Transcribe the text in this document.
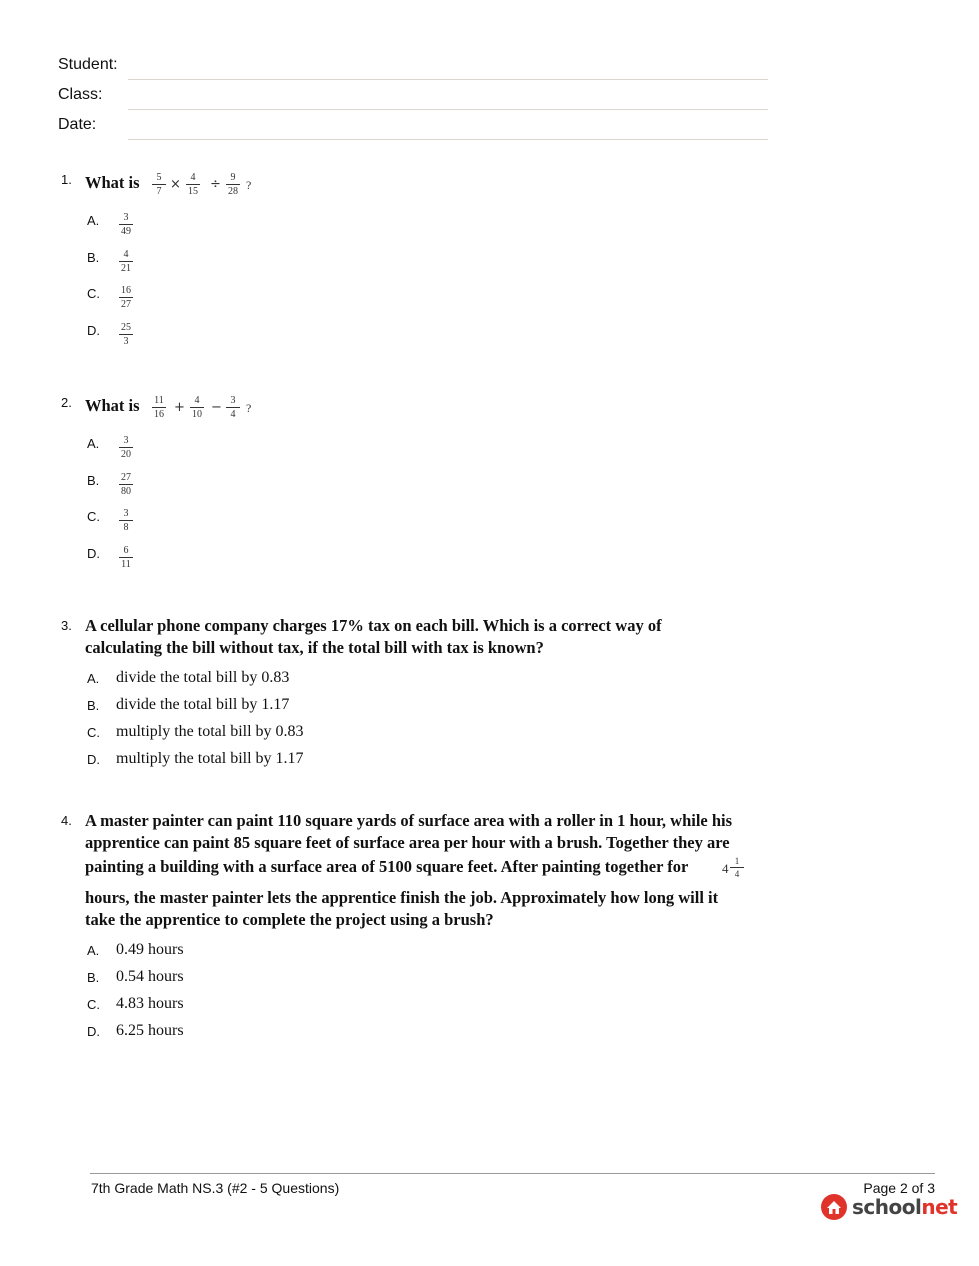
Student:
Class:
Date:
1. What is	$\frac{5}{7} \times \frac{4}{15} \div \frac{9}{28}$ ?
A. $\frac{3}{49}$
B. $\frac{4}{21}$
C. $\frac{16}{27}$
D. $\frac{25}{3}$
2. What is	$\frac{11}{16} + \frac{4}{10} - \frac{3}{4}$ ?
A. $\frac{3}{20}$
B. $\frac{27}{80}$
C. $\frac{3}{8}$
D. $\frac{6}{11}$
3. A cellular phone company charges 17% tax on each bill. Which is a correct way of
calculating the bill without tax, if the total bill with tax is known?
A. divide the total bill by 0.83
B. divide the total bill by 1.17
C. multiply the total bill by 0.83
D. multiply the total bill by 1.17
4. A master painter can paint 110 square yards of surface area with a roller in 1 hour, while his
apprentice can paint 85 square feet of surface area per hour with a brush. Together they are
painting a building with a surface area of 5100 square feet. After painting together for	$4 \frac{1}{4}$
hours, the master painter lets the apprentice finish the job. Approximately how long will it
take the apprentice to complete the project using a brush?
A. 0.49 hours
B. 0.54 hours
C. 4.83 hours
D. 6.25 hours
7th Grade Math NS.3 (#2 - 5 Questions)	Page 2 of 3
schoolnet
